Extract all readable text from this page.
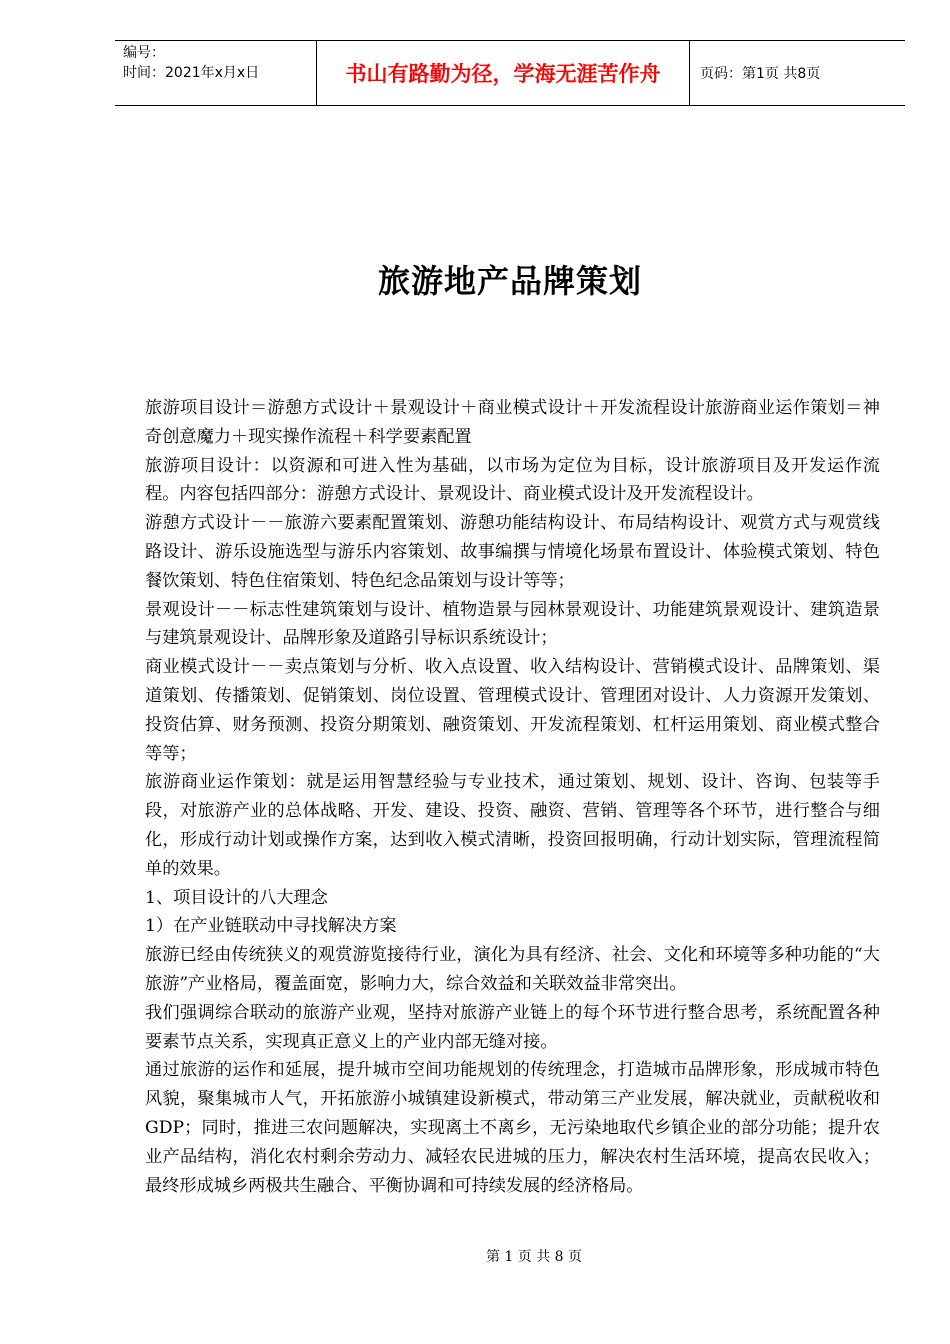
编号：
时间：2021年x月x日	书山有路勤为径，学海无涯苦作舟	页码：第1页 共8页
旅游地产品牌策划

旅游项目设计＝游憩方式设计＋景观设计＋商业模式设计＋开发流程设计旅游商业运作策划＝神奇创意魔力＋现实操作流程＋科学要素配置

旅游项目设计：以资源和可进入性为基础，以市场为定位为目标，设计旅游项目及开发运作流程。内容包括四部分：游憩方式设计、景观设计、商业模式设计及开发流程设计。

游憩方式设计－－旅游六要素配置策划、游憩功能结构设计、布局结构设计、观赏方式与观赏线路设计、游乐设施选型与游乐内容策划、故事编撰与情境化场景布置设计、体验模式策划、特色餐饮策划、特色住宿策划、特色纪念品策划与设计等等；

景观设计－－标志性建筑策划与设计、植物造景与园林景观设计、功能建筑景观设计、建筑造景与建筑景观设计、品牌形象及道路引导标识系统设计；

商业模式设计－－卖点策划与分析、收入点设置、收入结构设计、营销模式设计、品牌策划、渠道策划、传播策划、促销策划、岗位设置、管理模式设计、管理团对设计、人力资源开发策划、投资估算、财务预测、投资分期策划、融资策划、开发流程策划、杠杆运用策划、商业模式整合等等；

旅游商业运作策划：就是运用智慧经验与专业技术，通过策划、规划、设计、咨询、包装等手段，对旅游产业的总体战略、开发、建设、投资、融资、营销、管理等各个环节，进行整合与细化，形成行动计划或操作方案，达到收入模式清晰，投资回报明确，行动计划实际，管理流程简单的效果。

1、项目设计的八大理念

1）在产业链联动中寻找解决方案

旅游已经由传统狭义的观赏游览接待行业，演化为具有经济、社会、文化和环境等多种功能的“大旅游”产业格局，覆盖面宽，影响力大，综合效益和关联效益非常突出。

我们强调综合联动的旅游产业观，坚持对旅游产业链上的每个环节进行整合思考，系统配置各种要素节点关系，实现真正意义上的产业内部无缝对接。

通过旅游的运作和延展，提升城市空间功能规划的传统理念，打造城市品牌形象，形成城市特色风貌，聚集城市人气，开拓旅游小城镇建设新模式，带动第三产业发展，解决就业，贡献税收和GDP；同时，推进三农问题解决，实现离土不离乡，无污染地取代乡镇企业的部分功能；提升农业产品结构，消化农村剩余劳动力、减轻农民进城的压力，解决农村生活环境，提高农民收入；最终形成城乡两极共生融合、平衡协调和可持续发展的经济格局。

第 1 页 共 8 页
